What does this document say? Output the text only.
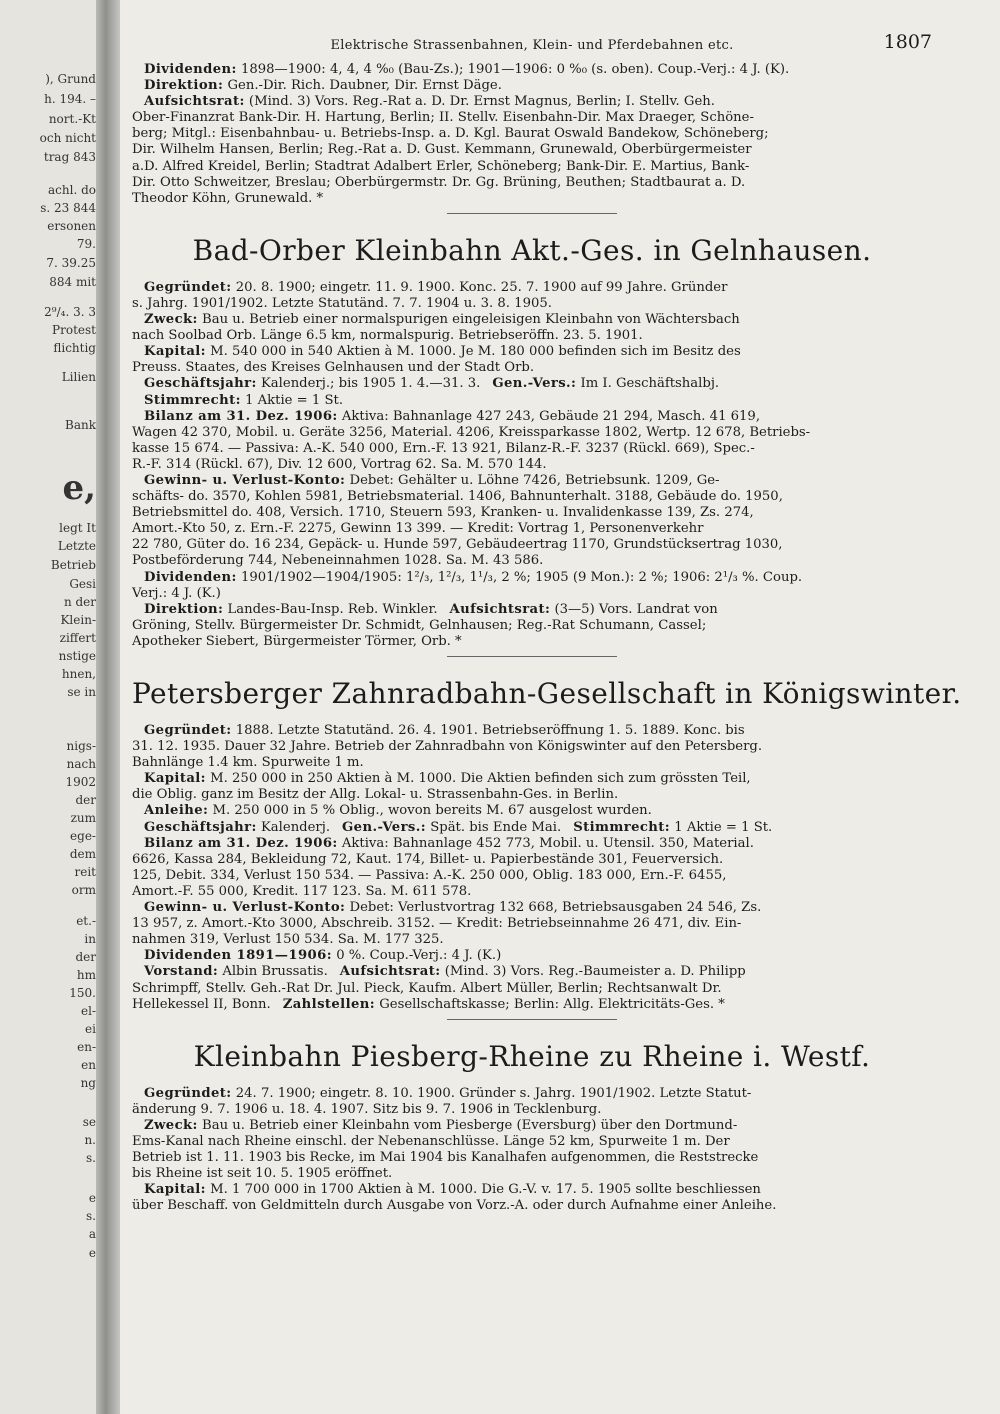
), Grund
h. 194. –
nort.-Kt
och nicht
trag 843
achl. do
s. 23 844
ersonen
79.
7. 39.25
884 mit
2⁹/₄. 3. 3
Protest
flichtig
Lilien
Bank
e,
legt It
Letzte
Betrieb
Gesi
n der
Klein-
ziffert
nstige
hnen,
se in
nigs-
nach
1902
der
zum
ege-
dem
reit
orm
et.-
in
der
hm
150.
el-
ei
en-
en
ng
se
n.
s.
e
s.
a
e
Elektrische Strassenbahnen, Klein- und Pferdebahnen etc.	1807
Dividenden: 1898—1900: 4, 4, 4 %₀ (Bau-Zs.); 1901—1906: 0 %₀ (s. oben). Coup.-Verj.: 4 J. (K).
Direktion: Gen.-Dir. Rich. Daubner, Dir. Ernst Däge.
Aufsichtsrat: (Mind. 3) Vors. Reg.-Rat a. D. Dr. Ernst Magnus, Berlin; I. Stellv. Geh.
Ober-Finanzrat Bank-Dir. H. Hartung, Berlin; II. Stellv. Eisenbahn-Dir. Max Draeger, Schöne-
berg; Mitgl.: Eisenbahnbau- u. Betriebs-Insp. a. D. Kgl. Baurat Oswald Bandekow, Schöneberg;
Dir. Wilhelm Hansen, Berlin; Reg.-Rat a. D. Gust. Kemmann, Grunewald, Oberbürgermeister
a.D. Alfred Kreidel, Berlin; Stadtrat Adalbert Erler, Schöneberg; Bank-Dir. E. Martius, Bank-
Dir. Otto Schweitzer, Breslau; Oberbürgermstr. Dr. Gg. Brüning, Beuthen; Stadtbaurat a. D.
Theodor Köhn, Grunewald. *
Bad-Orber Kleinbahn Akt.-Ges. in Gelnhausen.
Gegründet: 20. 8. 1900; eingetr. 11. 9. 1900. Konc. 25. 7. 1900 auf 99 Jahre. Gründer
s. Jahrg. 1901/1902. Letzte Statutänd. 7. 7. 1904 u. 3. 8. 1905.
Zweck: Bau u. Betrieb einer normalspurigen eingeleisigen Kleinbahn von Wächtersbach
nach Soolbad Orb. Länge 6.5 km, normalspurig. Betriebseröffn. 23. 5. 1901.
Kapital: M. 540 000 in 540 Aktien à M. 1000. Je M. 180 000 befinden sich im Besitz des
Preuss. Staates, des Kreises Gelnhausen und der Stadt Orb.
Geschäftsjahr: Kalenderj.; bis 1905 1. 4.—31. 3. Gen.-Vers.: Im I. Geschäftshalbj.
Stimmrecht: 1 Aktie = 1 St.
Bilanz am 31. Dez. 1906: Aktiva: Bahnanlage 427 243, Gebäude 21 294, Masch. 41 619,
Wagen 42 370, Mobil. u. Geräte 3256, Material. 4206, Kreissparkasse 1802, Wertp. 12 678, Betriebs-
kasse 15 674. — Passiva: A.-K. 540 000, Ern.-F. 13 921, Bilanz-R.-F. 3237 (Rückl. 669), Spec.-
R.-F. 314 (Rückl. 67), Div. 12 600, Vortrag 62. Sa. M. 570 144.
Gewinn- u. Verlust-Konto: Debet: Gehälter u. Löhne 7426, Betriebsunk. 1209, Ge-
schäfts- do. 3570, Kohlen 5981, Betriebsmaterial. 1406, Bahnunterhalt. 3188, Gebäude do. 1950,
Betriebsmittel do. 408, Versich. 1710, Steuern 593, Kranken- u. Invalidenkasse 139, Zs. 274,
Amort.-Kto 50, z. Ern.-F. 2275, Gewinn 13 399. — Kredit: Vortrag 1, Personenverkehr
22 780, Güter do. 16 234, Gepäck- u. Hunde 597, Gebäudeertrag 1170, Grundstücksertrag 1030,
Postbeförderung 744, Nebeneinnahmen 1028. Sa. M. 43 586.
Dividenden: 1901/1902—1904/1905: 1²/₃, 1²/₃, 1¹/₃, 2 %; 1905 (9 Mon.): 2 %; 1906: 2¹/₃ %. Coup.
Verj.: 4 J. (K.)
Direktion: Landes-Bau-Insp. Reb. Winkler. Aufsichtsrat: (3—5) Vors. Landrat von
Gröning, Stellv. Bürgermeister Dr. Schmidt, Gelnhausen; Reg.-Rat Schumann, Cassel;
Apotheker Siebert, Bürgermeister Törmer, Orb. *
Petersberger Zahnradbahn-Gesellschaft in Königswinter.
Gegründet: 1888. Letzte Statutänd. 26. 4. 1901. Betriebseröffnung 1. 5. 1889. Konc. bis
31. 12. 1935. Dauer 32 Jahre. Betrieb der Zahnradbahn von Königswinter auf den Petersberg.
Bahnlänge 1.4 km. Spurweite 1 m.
Kapital: M. 250 000 in 250 Aktien à M. 1000. Die Aktien befinden sich zum grössten Teil,
die Oblig. ganz im Besitz der Allg. Lokal- u. Strassenbahn-Ges. in Berlin.
Anleihe: M. 250 000 in 5 % Oblig., wovon bereits M. 67 ausgelost wurden.
Geschäftsjahr: Kalenderj. Gen.-Vers.: Spät. bis Ende Mai. Stimmrecht: 1 Aktie = 1 St.
Bilanz am 31. Dez. 1906: Aktiva: Bahnanlage 452 773, Mobil. u. Utensil. 350, Material.
6626, Kassa 284, Bekleidung 72, Kaut. 174, Billet- u. Papierbestände 301, Feuerversich.
125, Debit. 334, Verlust 150 534. — Passiva: A.-K. 250 000, Oblig. 183 000, Ern.-F. 6455,
Amort.-F. 55 000, Kredit. 117 123. Sa. M. 611 578.
Gewinn- u. Verlust-Konto: Debet: Verlustvortrag 132 668, Betriebsausgaben 24 546, Zs.
13 957, z. Amort.-Kto 3000, Abschreib. 3152. — Kredit: Betriebseinnahme 26 471, div. Ein-
nahmen 319, Verlust 150 534. Sa. M. 177 325.
Dividenden 1891—1906: 0 %. Coup.-Verj.: 4 J. (K.)
Vorstand: Albin Brussatis. Aufsichtsrat: (Mind. 3) Vors. Reg.-Baumeister a. D. Philipp
Schrimpff, Stellv. Geh.-Rat Dr. Jul. Pieck, Kaufm. Albert Müller, Berlin; Rechtsanwalt Dr.
Hellekessel II, Bonn. Zahlstellen: Gesellschaftskasse; Berlin: Allg. Elektricitäts-Ges. *
Kleinbahn Piesberg-Rheine zu Rheine i. Westf.
Gegründet: 24. 7. 1900; eingetr. 8. 10. 1900. Gründer s. Jahrg. 1901/1902. Letzte Statut-
änderung 9. 7. 1906 u. 18. 4. 1907. Sitz bis 9. 7. 1906 in Tecklenburg.
Zweck: Bau u. Betrieb einer Kleinbahn vom Piesberge (Eversburg) über den Dortmund-
Ems-Kanal nach Rheine einschl. der Nebenanschlüsse. Länge 52 km, Spurweite 1 m. Der
Betrieb ist 1. 11. 1903 bis Recke, im Mai 1904 bis Kanalhafen aufgenommen, die Reststrecke
bis Rheine ist seit 10. 5. 1905 eröffnet.
Kapital: M. 1 700 000 in 1700 Aktien à M. 1000. Die G.-V. v. 17. 5. 1905 sollte beschliessen
über Beschaff. von Geldmitteln durch Ausgabe von Vorz.-A. oder durch Aufnahme einer Anleihe.
